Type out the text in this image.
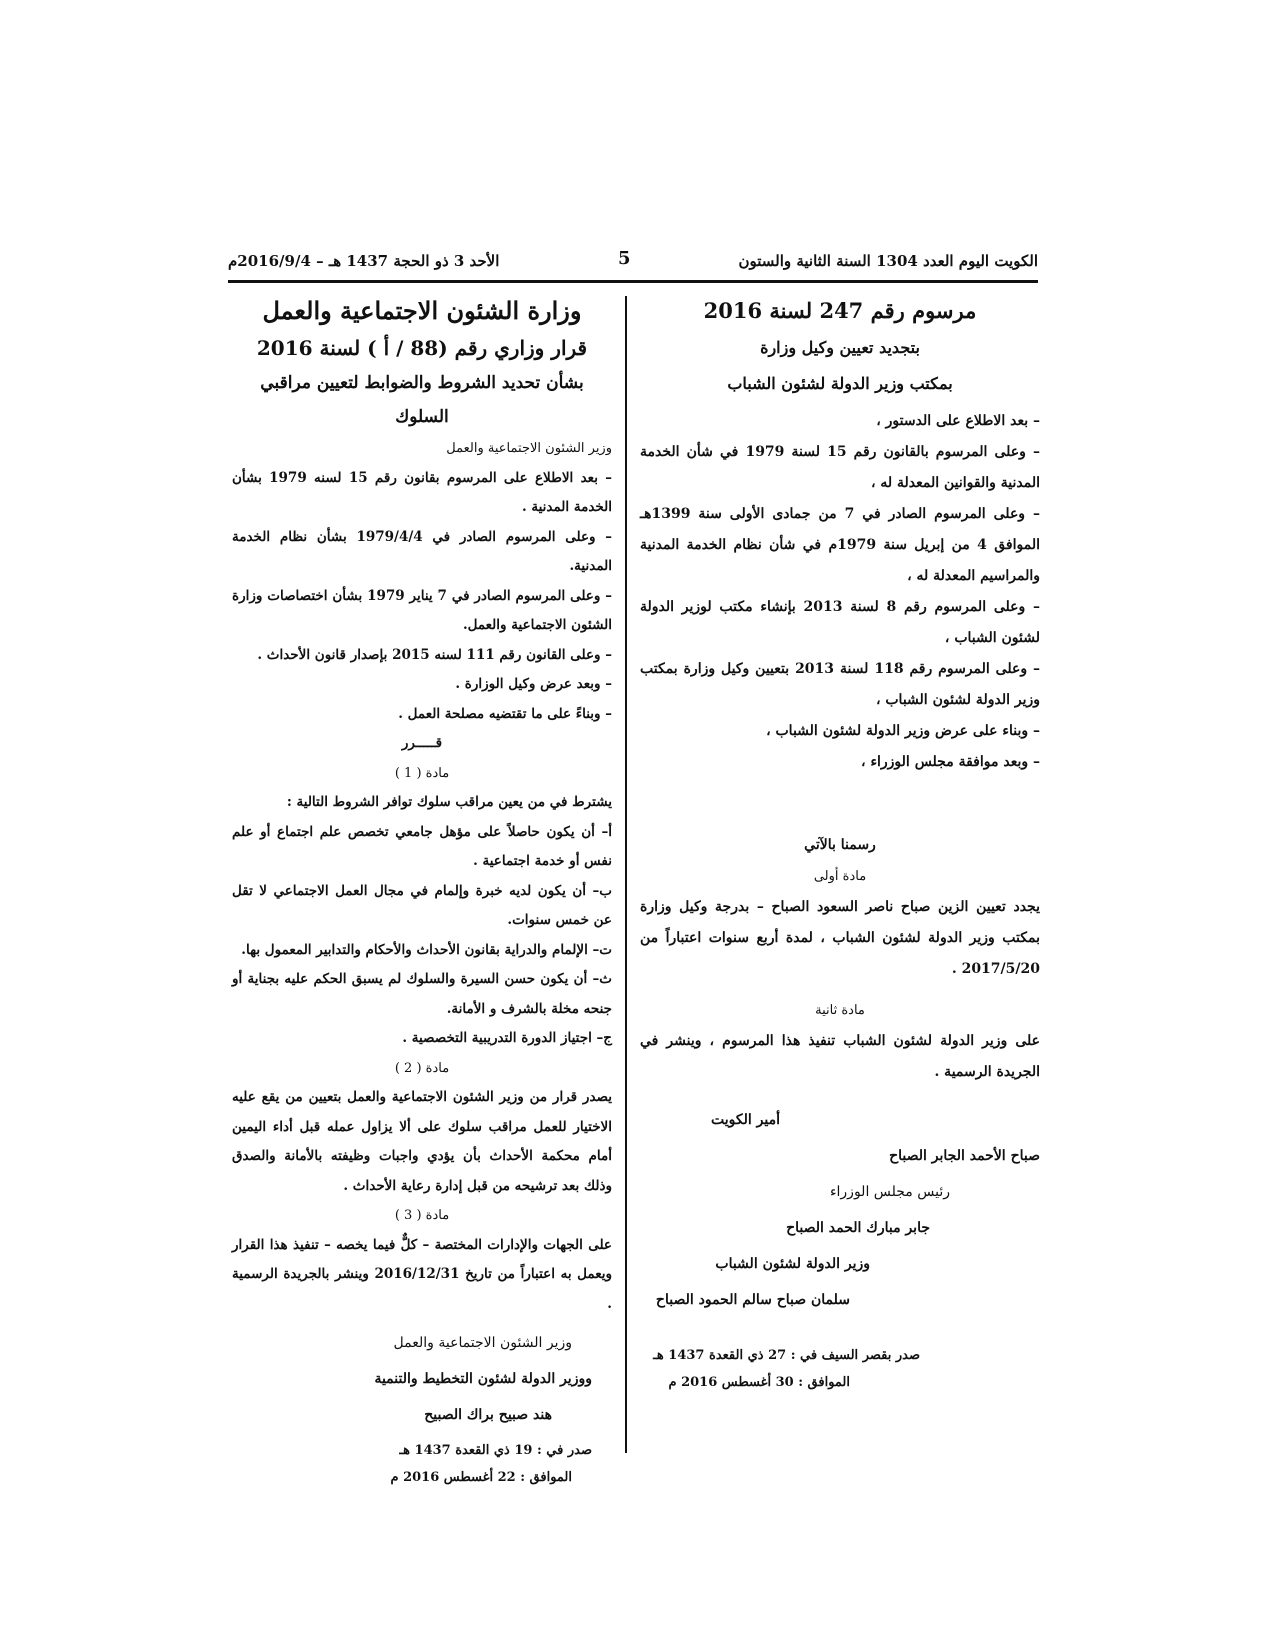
الكويت اليوم العدد 1304 السنة الثانية والستون
5
الأحد 3 ذو الحجة 1437 هـ – 2016/9/4م

مرسوم رقم 247 لسنة 2016

بتجديد تعيين وكيل وزارة

بمكتب وزير الدولة لشئون الشباب

– بعد الاطلاع على الدستور ،

– وعلى المرسوم بالقانون رقم 15 لسنة 1979 في شأن الخدمة المدنية والقوانين المعدلة له ،

– وعلى المرسوم الصادر في 7 من جمادى الأولى سنة 1399هـ الموافق 4 من إبريل سنة 1979م في شأن نظام الخدمة المدنية والمراسيم المعدلة له ،

– وعلى المرسوم رقم 8 لسنة 2013 بإنشاء مكتب لوزير الدولة لشئون الشباب ،

– وعلى المرسوم رقم 118 لسنة 2013 بتعيين وكيل وزارة بمكتب وزير الدولة لشئون الشباب ،

– وبناء على عرض وزير الدولة لشئون الشباب ،

– وبعد موافقة مجلس الوزراء ،

رسمنا بالآتي

مادة أولى

يجدد تعيين الزين صباح ناصر السعود الصباح – بدرجة وكيل وزارة بمكتب وزير الدولة لشئون الشباب ، لمدة أربع سنوات اعتباراً من 2017/5/20 .

مادة ثانية

على وزير الدولة لشئون الشباب تنفيذ هذا المرسوم ، وينشر في الجريدة الرسمية .

أمير الكويت

صباح الأحمد الجابر الصباح

رئيس مجلس الوزراء

جابر مبارك الحمد الصباح

وزير الدولة لشئون الشباب

سلمان صباح سالم الحمود الصباح

صدر بقصر السيف في : 27 ذي القعدة 1437 هـ

الموافق : 30 أغسطس 2016 م

وزارة الشئون الاجتماعية والعمل

قرار وزاري رقم (88 / أ ) لسنة 2016

بشأن تحديد الشروط والضوابط لتعيين مراقبي السلوك

وزير الشئون الاجتماعية والعمل

– بعد الاطلاع على المرسوم بقانون رقم 15 لسنه 1979 بشأن الخدمة المدنية .

– وعلى المرسوم الصادر في 1979/4/4 بشأن نظام الخدمة المدنية.

– وعلى المرسوم الصادر في 7 يناير 1979 بشأن اختصاصات وزارة الشئون الاجتماعية والعمل.

– وعلى القانون رقم 111 لسنه 2015 بإصدار قانون الأحداث .

– وبعد عرض وكيل الوزارة .

– وبناءً على ما تقتضيه مصلحة العمل .

قـــــرر

مادة ( 1 )

يشترط في من يعين مراقب سلوك توافر الشروط التالية :

أ– أن يكون حاصلاً على مؤهل جامعي تخصص علم اجتماع أو علم نفس أو خدمة اجتماعية .

ب– أن يكون لديه خبرة وإلمام في مجال العمل الاجتماعي لا تقل عن خمس سنوات.

ت– الإلمام والدراية بقانون الأحداث والأحكام والتدابير المعمول بها.

ث– أن يكون حسن السيرة والسلوك لم يسبق الحكم عليه بجناية أو جنحه مخلة بالشرف و الأمانة.

ج– اجتياز الدورة التدريبية التخصصية .

مادة ( 2 )

يصدر قرار من وزير الشئون الاجتماعية والعمل بتعيين من يقع عليه الاختيار للعمل مراقب سلوك على ألا يزاول عمله قبل أداء اليمين أمام محكمة الأحداث بأن يؤدي واجبات وظيفته بالأمانة والصدق وذلك بعد ترشيحه من قبل إدارة رعاية الأحداث .

مادة ( 3 )

على الجهات والإدارات المختصة – كلٌّ فيما يخصه – تنفيذ هذا القرار ويعمل به اعتباراً من تاريخ 2016/12/31 وينشر بالجريدة الرسمية .

وزير الشئون الاجتماعية والعمل

ووزير الدولة لشئون التخطيط والتنمية

هند صبيح براك الصبيح

صدر في : 19 ذي القعدة 1437 هـ

الموافق : 22 أغسطس 2016 م
